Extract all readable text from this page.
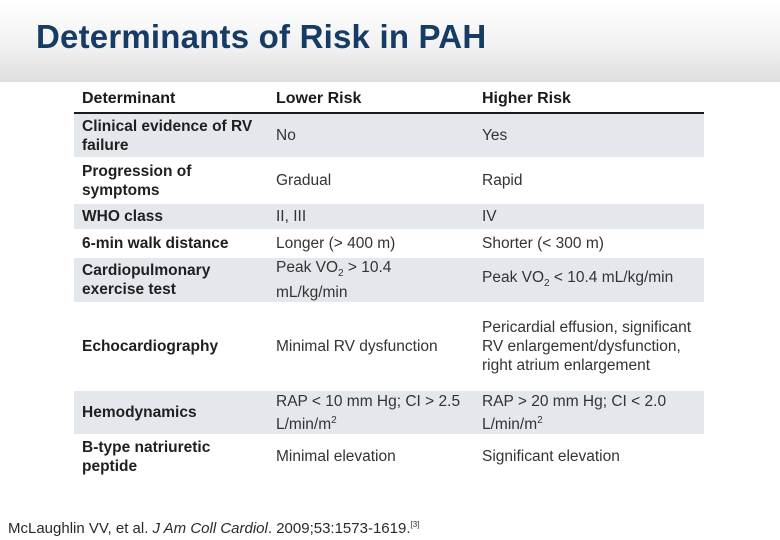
Determinants of Risk in PAH
Determinant	Lower Risk	Higher Risk
Clinical evidence of RV failure	No	Yes
Progression of symptoms	Gradual	Rapid
WHO class	II, III	IV
6-min walk distance	Longer (> 400 m)	Shorter (< 300 m)
Cardiopulmonary exercise test	Peak $VO_2 > 10.4$ mL/kg/min	Peak $VO_2 < 10.4$ mL/kg/min
Echocardiography	Minimal RV dysfunction	Pericardial effusion, significant RV enlargement/dysfunction, right atrium enlargement
Hemodynamics	RAP < 10 mm Hg; CI > 2.5 $L/\min/m^2$	RAP > 20 mm Hg; CI < 2.0 $L/\min/m^2$
B-type natriuretic peptide	Minimal elevation	Significant elevation
McLaughlin VV, et al. J Am Coll Cardiol. 2009;53:1573-1619.[3]
